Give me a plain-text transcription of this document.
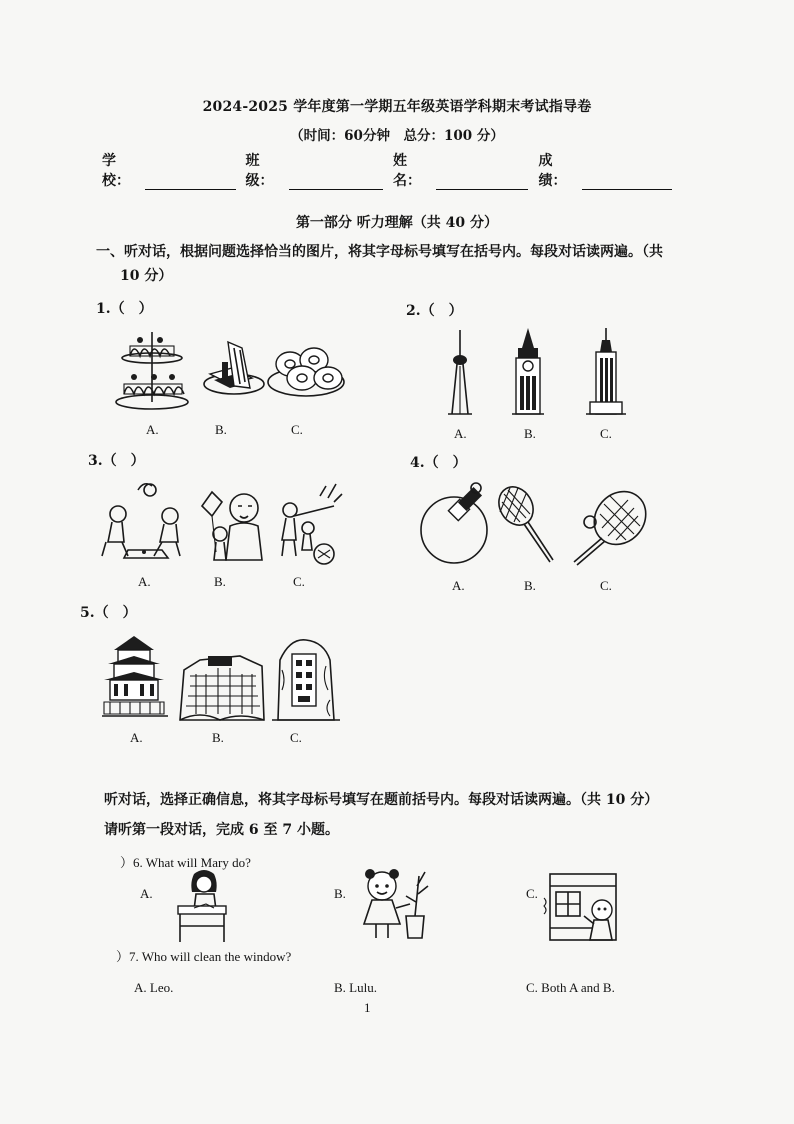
2024-2025 学年度第一学期五年级英语学科期末考试指导卷
（时间：60分钟　总分：100 分）
学校：
班级：
姓名：
成绩：
第一部分 听力理解（共 40 分）
一、听对话，根据问题选择恰当的图片，将其字母标号填写在括号内。每段对话读两遍。（共
10 分）
1.（　）
A.	B.	C.
2.（　）
A.	B.	C.
3.（　）
A.	B.	C.
4.（　）
A.	B.	C.
5.（　）
A.	B.	C.
听对话，选择正确信息，将其字母标号填写在题前括号内。每段对话读两遍。（共 10 分）
请听第一段对话，完成 6 至 7 小题。
）6. What will Mary do?
A.	B.	C.
）7. Who will clean the window?
A. Leo.	B. Lulu.	C. Both A and B.
1
